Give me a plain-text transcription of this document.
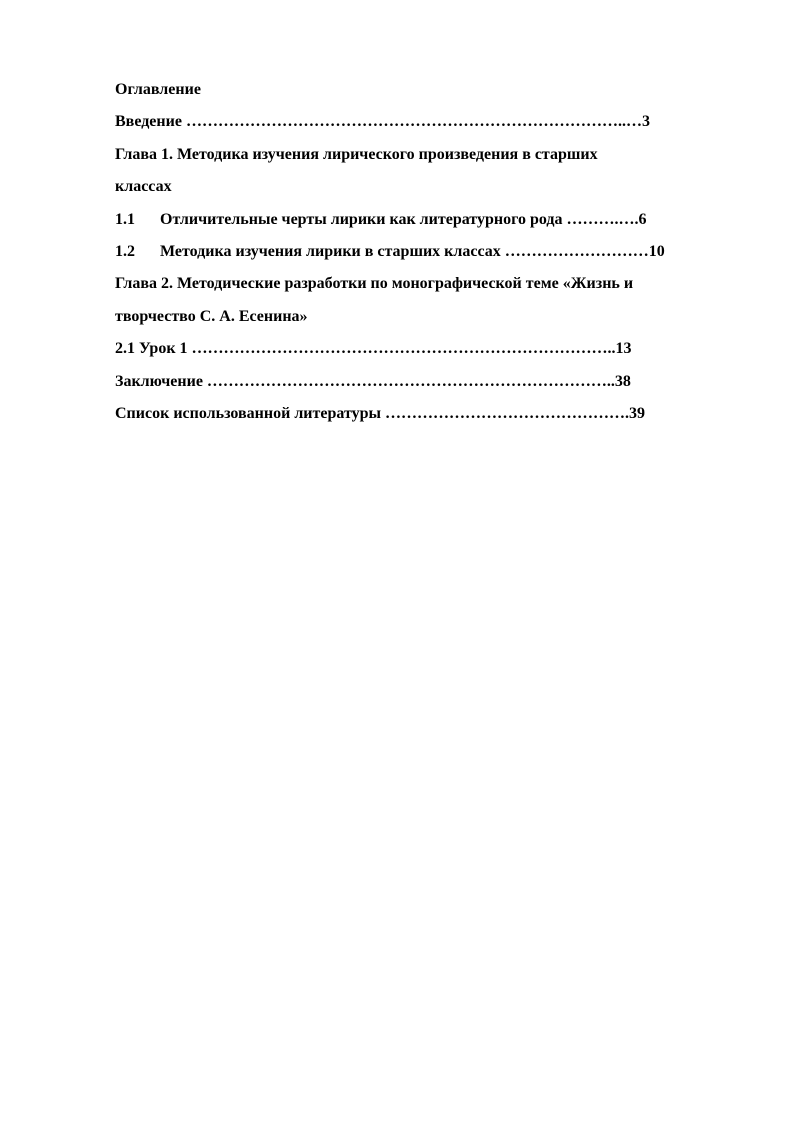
Оглавление
Введение ………………………………………………………………………..…3
Глава 1. Методика изучения лирического произведения в старших
классах
1.1 Отличительные черты лирики как литературного рода ……….….6
1.2 Методика изучения лирики в старших классах ………………………10
Глава 2. Методические разработки по монографической теме «Жизнь и
творчество С. А. Есенина»
2.1 Урок 1 ……………………………………………………………………..13
Заключение …………………………………………………………………..38
Список использованной литературы ……………………………………….39
